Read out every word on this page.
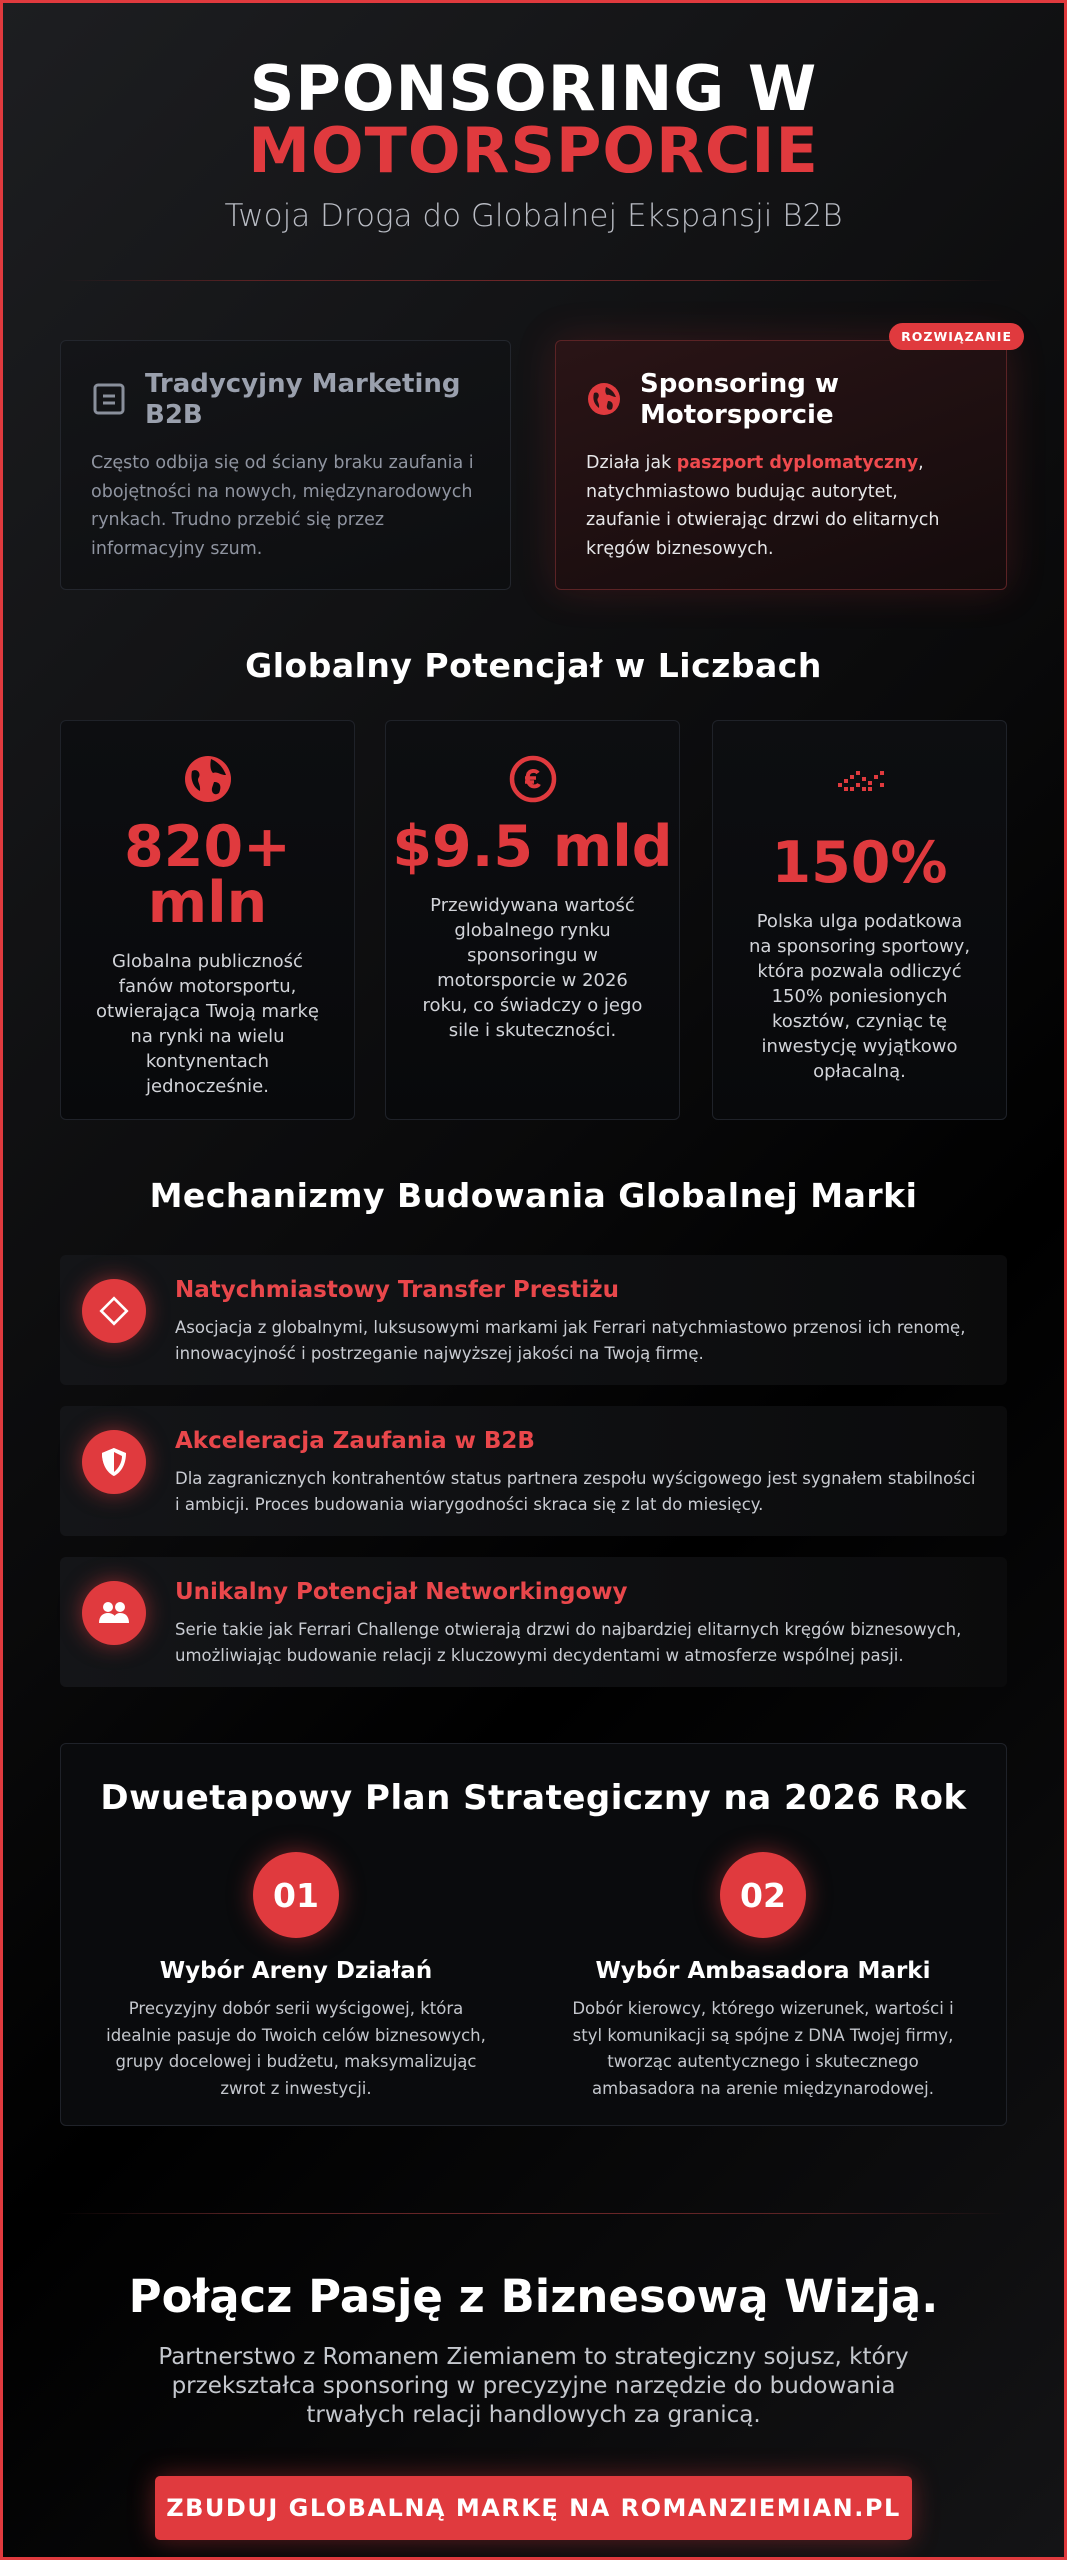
SPONSORING W
MOTORSPORCIE
Twoja Droga do Globalnej Ekspansji B2B
Tradycyjny Marketing B2B
Często odbija się od ściany braku zaufania i obojętności na nowych, międzynarodowych rynkach. Trudno przebić się przez informacyjny szum.
ROZWIĄZANIE
Sponsoring w Motorsporcie
Działa jak paszport dyplomatyczny, natychmiastowo budując autorytet, zaufanie i otwierając drzwi do elitarnych kręgów biznesowych.
Globalny Potencjał w Liczbach
820+ mln
Globalna publiczność fanów motorsportu, otwierająca Twoją markę na rynki na wielu kontynentach jednocześnie.
$9.5 mld
Przewidywana wartość globalnego rynku sponsoringu w motorsporcie w 2026 roku, co świadczy o jego sile i skuteczności.
150%
Polska ulga podatkowa na sponsoring sportowy, która pozwala odliczyć 150% poniesionych kosztów, czyniąc tę inwestycję wyjątkowo opłacalną.
Mechanizmy Budowania Globalnej Marki
Natychmiastowy Transfer Prestiżu
Asocjacja z globalnymi, luksusowymi markami jak Ferrari natychmiastowo przenosi ich renomę, innowacyjność i postrzeganie najwyższej jakości na Twoją firmę.
Akceleracja Zaufania w B2B
Dla zagranicznych kontrahentów status partnera zespołu wyścigowego jest sygnałem stabilności i ambicji. Proces budowania wiarygodności skraca się z lat do miesięcy.
Unikalny Potencjał Networkingowy
Serie takie jak Ferrari Challenge otwierają drzwi do najbardziej elitarnych kręgów biznesowych, umożliwiając budowanie relacji z kluczowymi decydentami w atmosferze wspólnej pasji.
Dwuetapowy Plan Strategiczny na 2026 Rok
01
Wybór Areny Działań
Precyzyjny dobór serii wyścigowej, która idealnie pasuje do Twoich celów biznesowych, grupy docelowej i budżetu, maksymalizując zwrot z inwestycji.
02
Wybór Ambasadora Marki
Dobór kierowcy, którego wizerunek, wartości i styl komunikacji są spójne z DNA Twojej firmy, tworząc autentycznego i skutecznego ambasadora na arenie międzynarodowej.
Połącz Pasję z Biznesową Wizją.

Partnerstwo z Romanem Ziemianem to strategiczny sojusz, który przekształca sponsoring w precyzyjne narzędzie do budowania trwałych relacji handlowych za granicą.

ZBUDUJ GLOBALNĄ MARKĘ NA ROMANZIEMIAN.PL
